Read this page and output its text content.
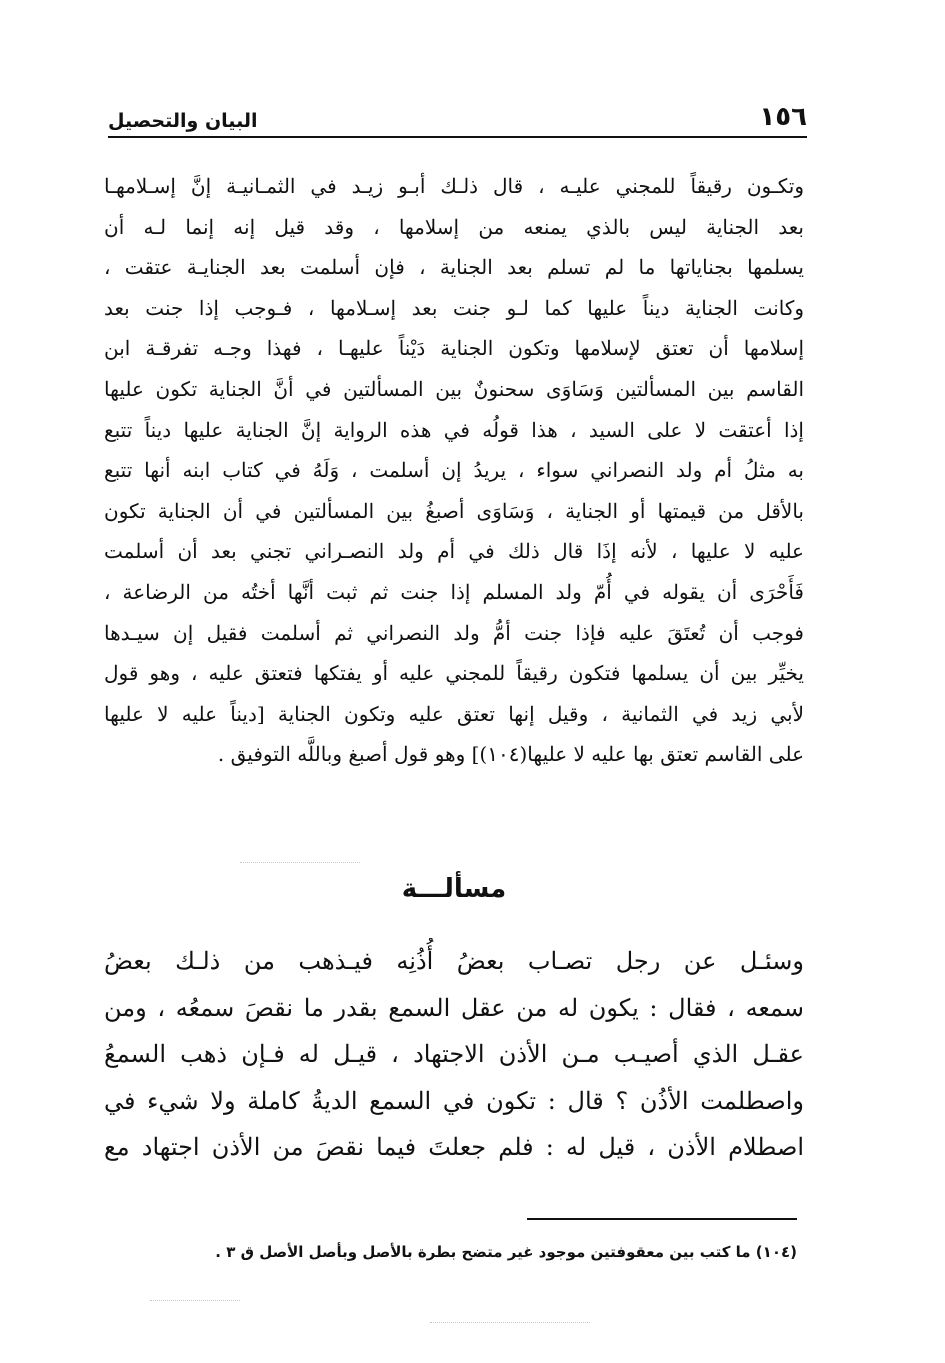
١٥٦
البيان والتحصيل
وتكـون رقيقاً للمجني عليـه ، قال ذلـك أبـو زيـد في الثمـانيـة إنَّ إسـلامهـا
بعد الجناية ليس بالذي يمنعه من إسلامها ، وقد قيل إنه إنما لـه أن
يسلمها بجناياتها ما لم تسلم بعد الجناية ، فإن أسلمت بعد الجنايـة عتقت ،
وكانت الجناية ديناً عليها كما لـو جنت بعد إسـلامها ، فـوجب إذا جنت بعد
إسلامها أن تعتق لإسلامها وتكون الجناية دَيْناً عليهـا ، فهذا وجـه تفرقـة ابن
القاسم بين المسألتين وَسَاوَى سحنونٌ بين المسألتين في أنَّ الجناية تكون عليها
إذا أعتقت لا على السيد ، هذا قولُه في هذه الرواية إنَّ الجناية عليها ديناً تتبع
به مثلُ أم ولد النصراني سواء ، يريدُ إن أسلمت ، وَلَهُ في كتاب ابنه أنها تتبع
بالأقل من قيمتها أو الجناية ، وَسَاوَى أصبغُ بين المسألتين في أن الجناية تكون
عليه لا عليها ، لأنه إذَا قال ذلك في أم ولد النصـراني تجني بعد أن أسلمت
فَأَحْرَى أن يقوله في أُمّ ولد المسلم إذا جنت ثم ثبت أنَّها أختُه من الرضاعة ،
فوجب أن تُعتَقَ عليه فإذا جنت أمُّ ولد النصراني ثم أسلمت فقيل إن سيـدها
يخيِّر بين أن يسلمها فتكون رقيقاً للمجني عليه أو يفتكها فتعتق عليه ، وهو قول
لأبي زيد في الثمانية ، وقيل إنها تعتق عليه وتكون الجناية [ديناً عليه لا عليها
على القاسم تعتق بها عليه لا عليها(١٠٤)] وهو قول أصبغ وباللَّه التوفيق .
مسألـــة
وسئـل عن رجل تصـاب بعضُ أُذُنِه فيـذهب من ذلـك بعضُ
سمعه ، فقال : يكون له من عقل السمع بقدر ما نقصَ سمعُه ، ومن
عقـل الذي أصيـب مـن الأذن الاجتهاد ، قيـل له فـإن ذهب السمعُ
واصطلمت الأذُن ؟ قال : تكون في السمع الديةُ كاملة ولا شيء في
اصطلام الأذن ، قيل له : فلم جعلتَ فيما نقصَ من الأذن اجتهاد مع
(١٠٤) ما كتب بين معقوفتين موجود غير متضح بطرة بالأصل وبأصل الأصل ق ٣ .
